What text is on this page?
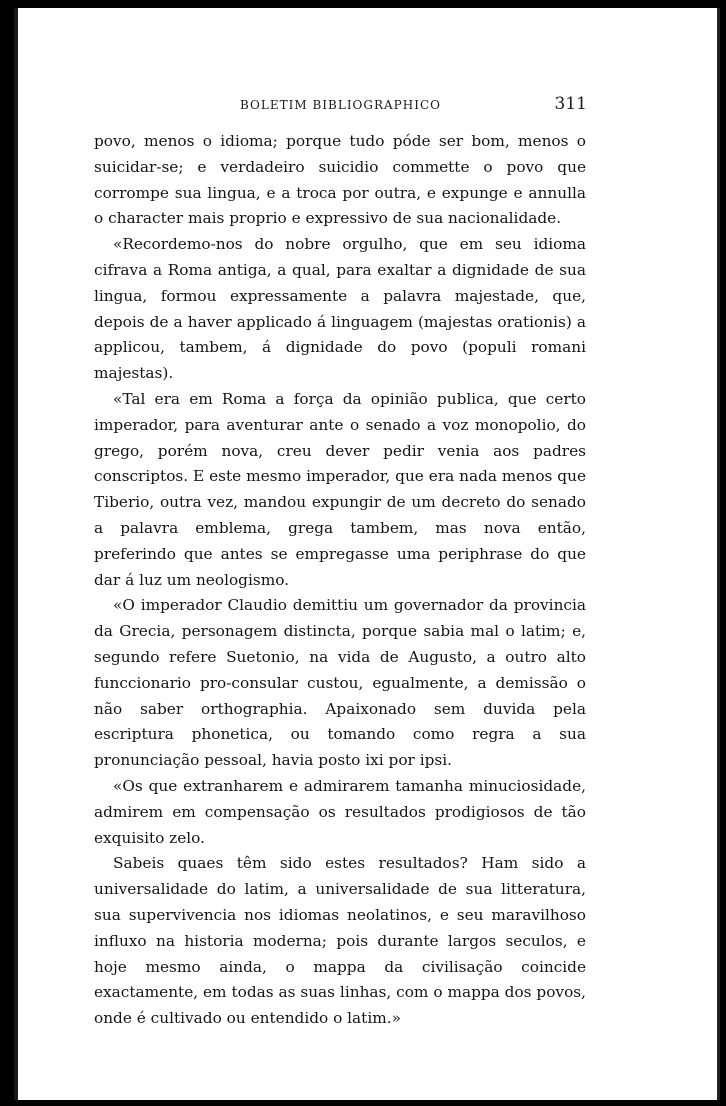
BOLETIM BIBLIOGRAPHICO	311

povo, menos o idioma; porque tudo póde ser bom, menos o suicidar-se; e verdadeiro suicidio commette o povo que corrompe sua lingua, e a troca por outra, e expunge e annulla o character mais proprio e expressivo de sua nacionalidade.

«Recordemo-nos do nobre orgulho, que em seu idioma cifrava a Roma antiga, a qual, para exaltar a dignidade de sua lingua, formou expressamente a palavra majestade, que, depois de a haver applicado á linguagem (majestas orationis) a applicou, tambem, á dignidade do povo (populi romani majestas).

«Tal era em Roma a força da opinião publica, que certo imperador, para aventurar ante o senado a voz monopolio, do grego, porém nova, creu dever pedir venia aos padres conscriptos. E este mesmo imperador, que era nada menos que Tiberio, outra vez, mandou expungir de um decreto do senado a palavra emblema, grega tambem, mas nova então, preferindo que antes se empregasse uma periphrase do que dar á luz um neologismo.

«O imperador Claudio demittiu um governador da provincia da Grecia, personagem distincta, porque sabia mal o latim; e, segundo refere Suetonio, na vida de Augusto, a outro alto funccionario pro-consular custou, egualmente, a demissão o não saber orthographia. Apaixonado sem duvida pela escriptura phonetica, ou tomando como regra a sua pronunciação pessoal, havia posto ixi por ipsi.

«Os que extranharem e admirarem tamanha minuciosidade, admirem em compensação os resultados prodigiosos de tão exquisito zelo.

Sabeis quaes têm sido estes resultados? Ham sido a universalidade do latim, a universalidade de sua litteratura, sua supervivencia nos idiomas neolatinos, e seu maravilhoso influxo na historia moderna; pois durante largos seculos, e hoje mesmo ainda, o mappa da civilisação coincide exactamente, em todas as suas linhas, com o mappa dos povos, onde é cultivado ou entendido o latim.»
